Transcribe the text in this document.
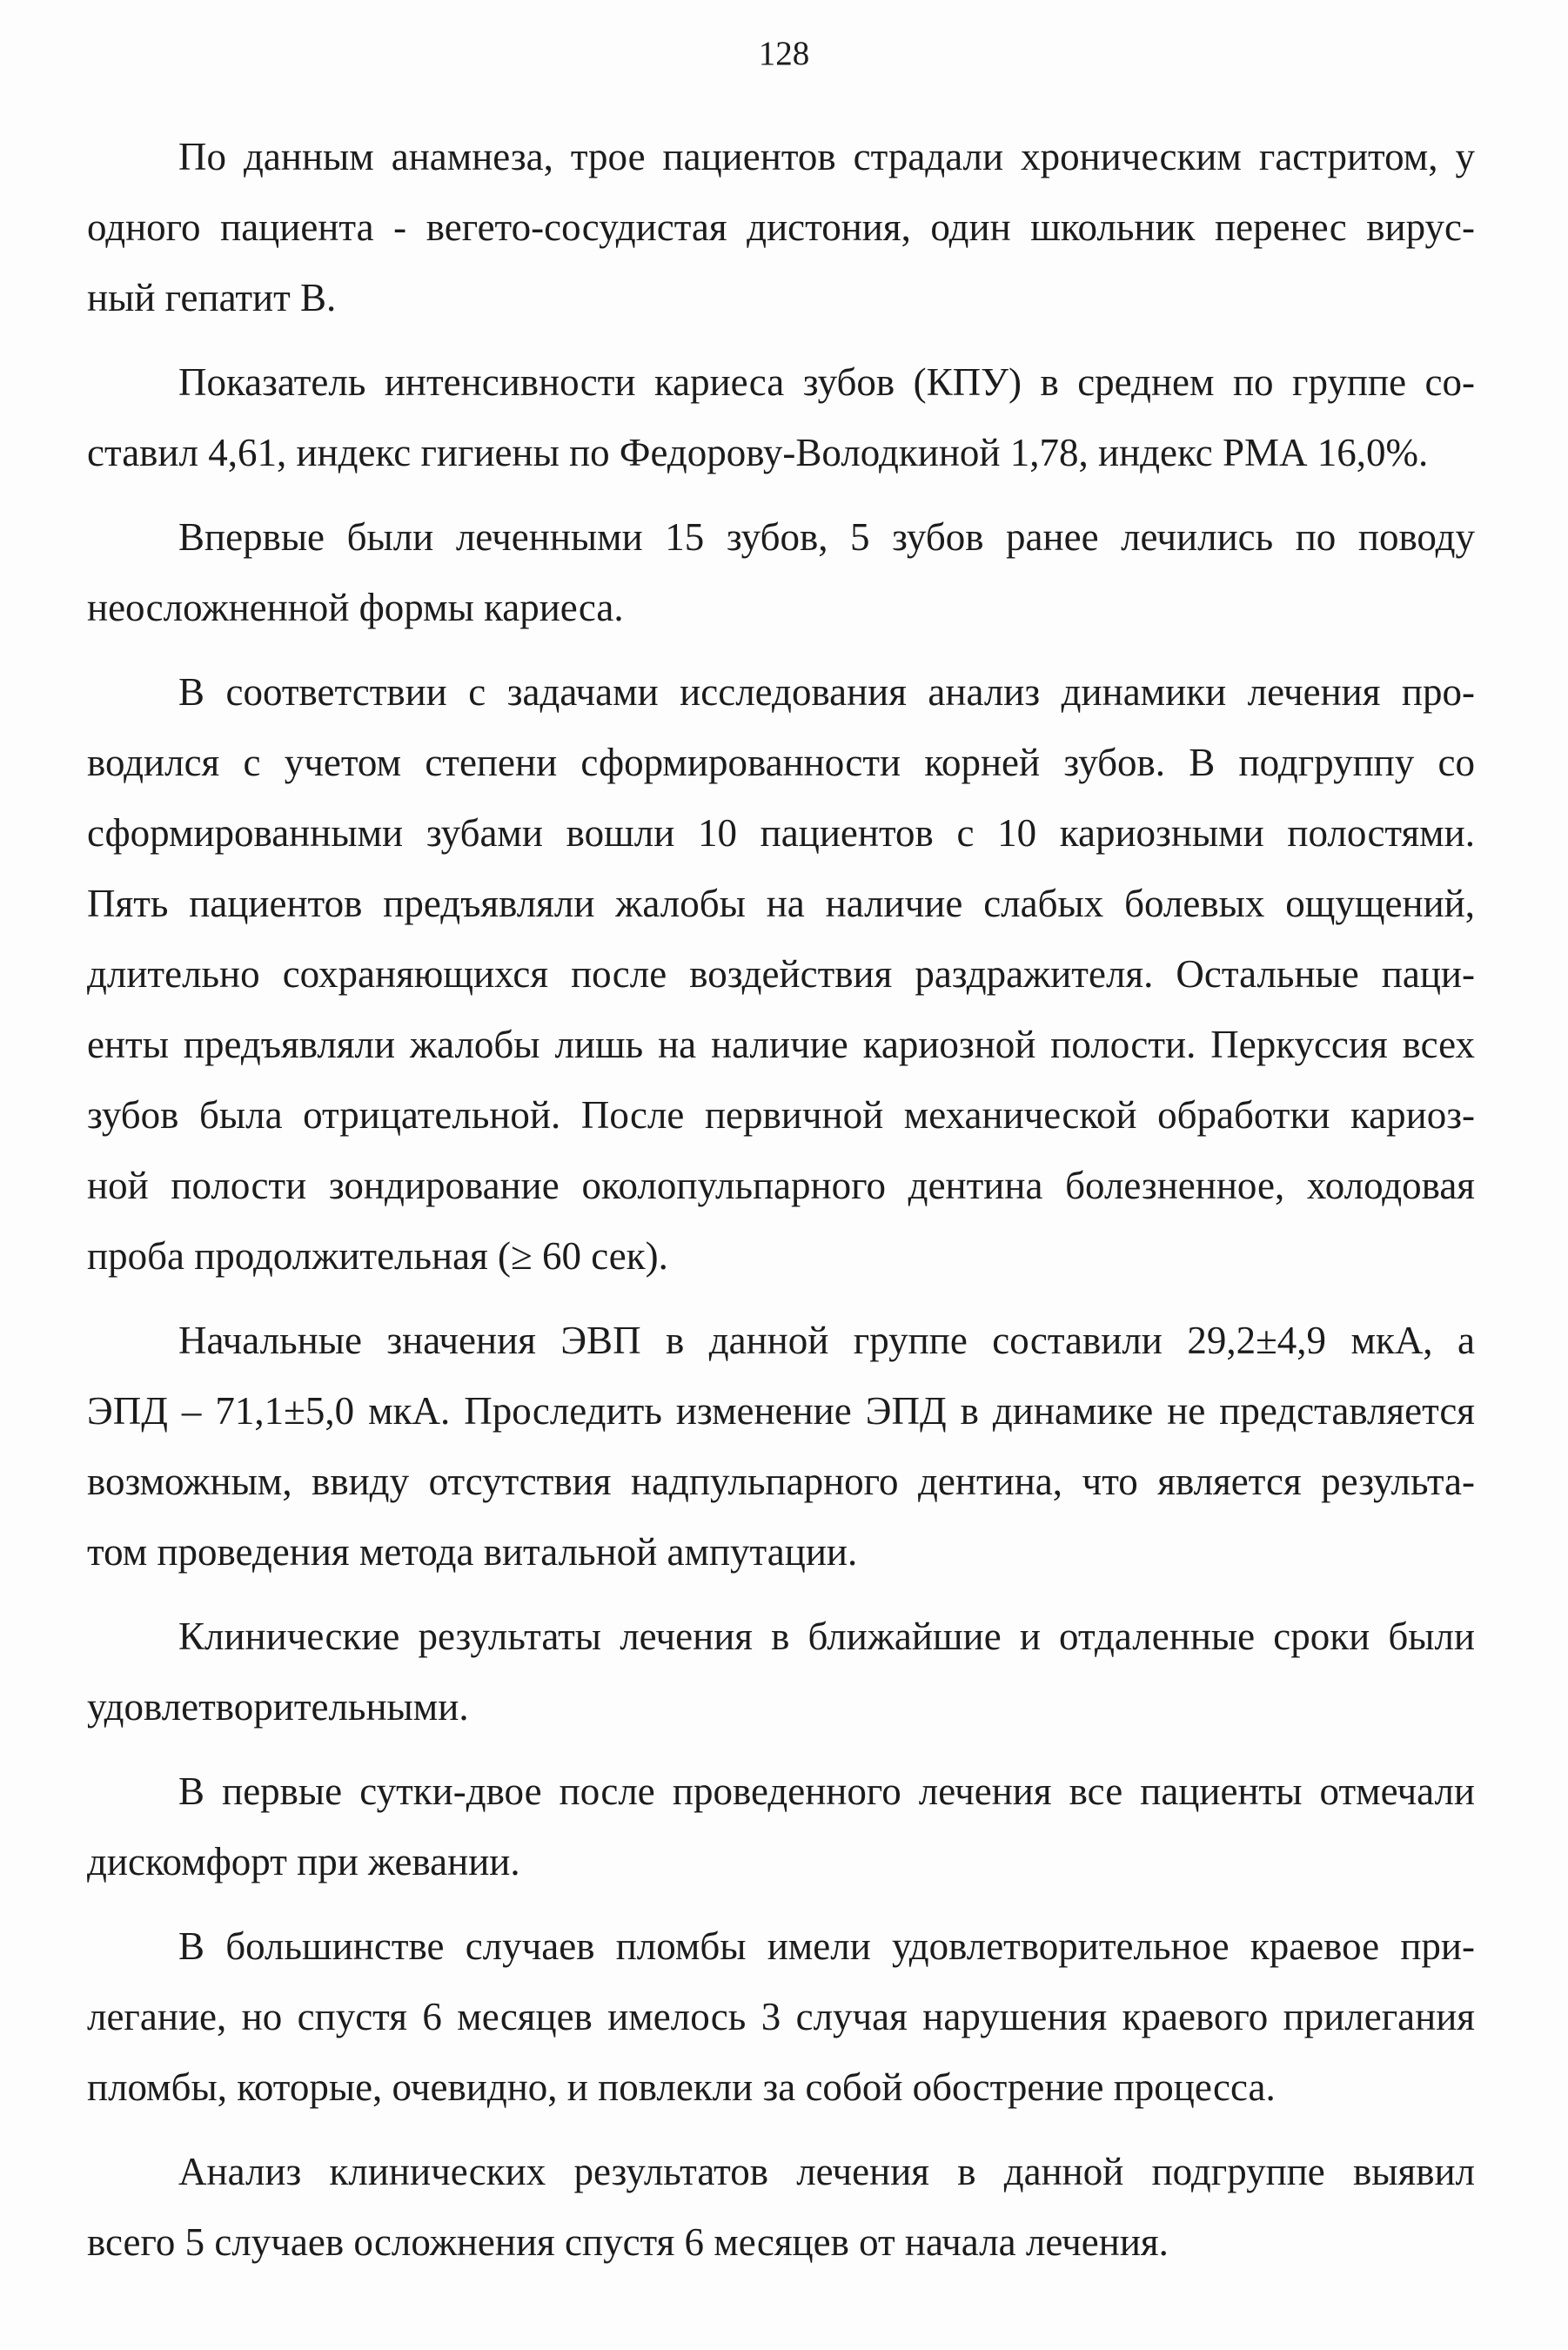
128
По данным анамнеза, трое пациентов страдали хроническим гастритом, у
одного пациента - вегето-сосудистая дистония, один школьник перенес вирус-
ный гепатит В.
Показатель интенсивности кариеса зубов (КПУ) в среднем по группе со-
ставил 4,61, индекс гигиены по Федорову-Володкиной 1,78, индекс РМА 16,0%.
Впервые были леченными 15 зубов, 5 зубов ранее лечились по поводу
неосложненной формы кариеса.
В соответствии с задачами исследования анализ динамики лечения про-
водился с учетом степени сформированности корней зубов. В подгруппу со
сформированными зубами вошли 10 пациентов с 10 кариозными полостями.
Пять пациентов предъявляли жалобы на наличие слабых болевых ощущений,
длительно сохраняющихся после воздействия раздражителя. Остальные паци-
енты предъявляли жалобы лишь на наличие кариозной полости. Перкуссия всех
зубов была отрицательной. После первичной механической обработки кариоз-
ной полости зондирование околопульпарного дентина болезненное, холодовая
проба продолжительная (≥ 60 сек).
Начальные значения ЭВП в данной группе составили 29,2±4,9 мкА, а
ЭПД – 71,1±5,0 мкА. Проследить изменение ЭПД в динамике не представляется
возможным, ввиду отсутствия надпульпарного дентина, что является результа-
том проведения метода витальной ампутации.
Клинические результаты лечения в ближайшие и отдаленные сроки были
удовлетворительными.
В первые сутки-двое после проведенного лечения все пациенты отмечали
дискомфорт при жевании.
В большинстве случаев пломбы имели удовлетворительное краевое при-
легание, но спустя 6 месяцев имелось 3 случая нарушения краевого прилегания
пломбы, которые, очевидно, и повлекли за собой обострение процесса.
Анализ клинических результатов лечения в данной подгруппе выявил
всего 5 случаев осложнения спустя 6 месяцев от начала лечения.
